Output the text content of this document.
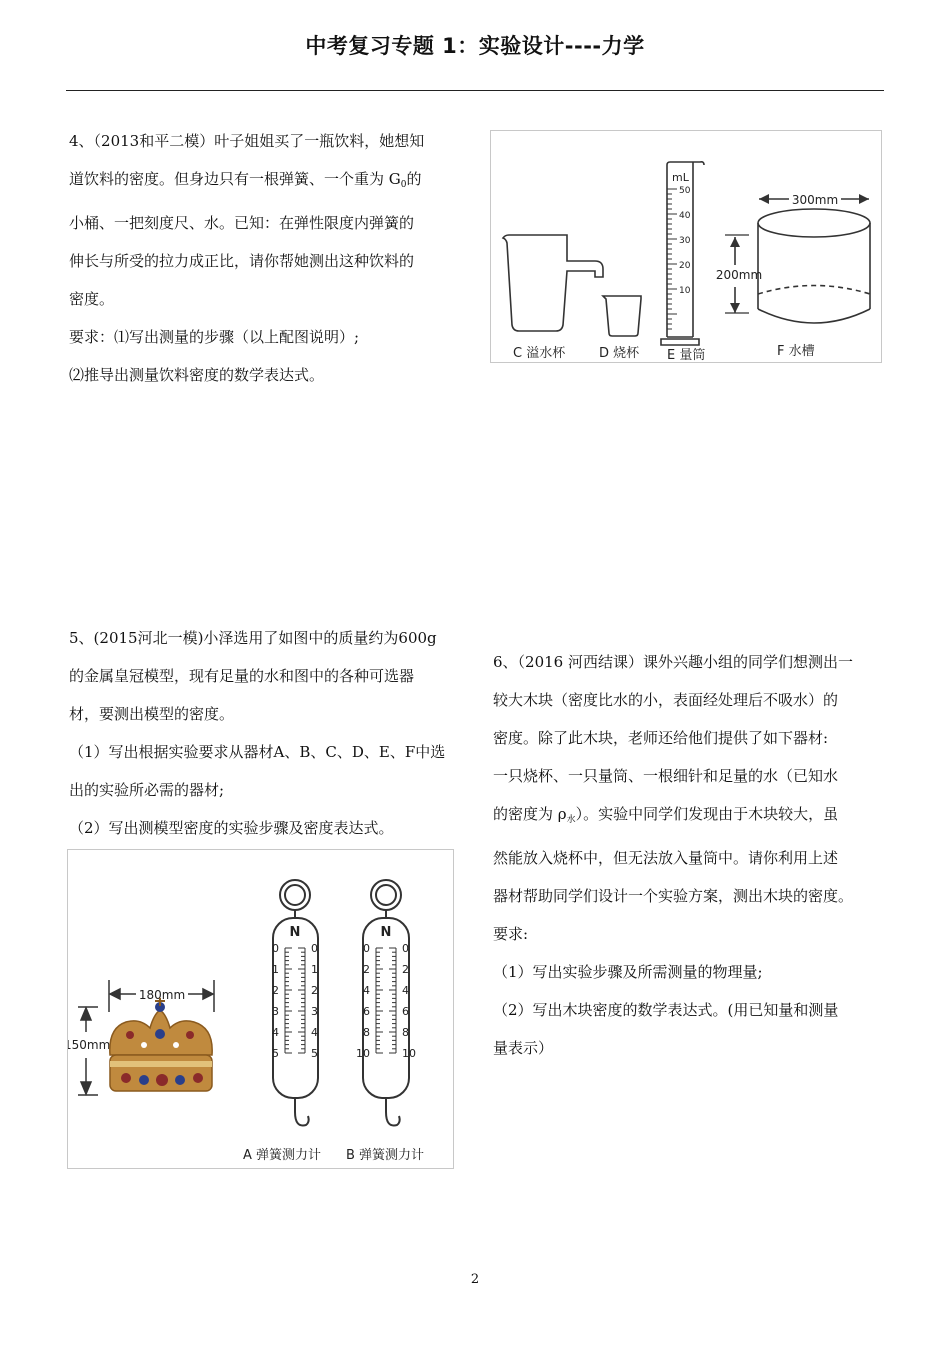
中考复习专题 1：实验设计----力学

4、（2013和平二模）叶子姐姐买了一瓶饮料，她想知

道饮料的密度。但身边只有一根弹簧、一个重为 $G_0$的

小桶、一把刻度尺、水。已知：在弹性限度内弹簧的

伸长与所受的拉力成正比，请你帮她测出这种饮料的

密度。

要求：⑴写出测量的步骤（以上配图说明）;

⑵推导出测量饮料密度的数学表达式。

mL
50
40
30
20
10
300mm
200mm
C 溢水杯	D 烧杯 E 量筒	F 水槽

5、(2015河北一模)小泽选用了如图中的质量约为600g

的金属皇冠模型，现有足量的水和图中的各种可选器

材，要测出模型的密度。

（1）写出根据实验要求从器材A、B、C、D、E、F中选

出的实验所必需的器材;

（2）写出测模型密度的实验步骤及密度表达式。

180mm
150mm
N
0	0
1	1
2	2
3	3
4	4
5	5
N
0	0
2	2
4	4
6	6
8	8
10	10
A 弹簧测力计 B 弹簧测力计

6、（2016 河西结课）课外兴趣小组的同学们想测出一

较大木块（密度比水的小，表面经处理后不吸水）的

密度。除了此木块，老师还给他们提供了如下器材:

一只烧杯、一只量筒、一根细针和足量的水（已知水

的密度为 $\rho_水$）。实验中同学们发现由于木块较大，虽

然能放入烧杯中，但无法放入量筒中。请你利用上述

器材帮助同学们设计一个实验方案，测出木块的密度。

要求:

（1）写出实验步骤及所需测量的物理量;

（2）写出木块密度的数学表达式。(用已知量和测量

量表示）

2
